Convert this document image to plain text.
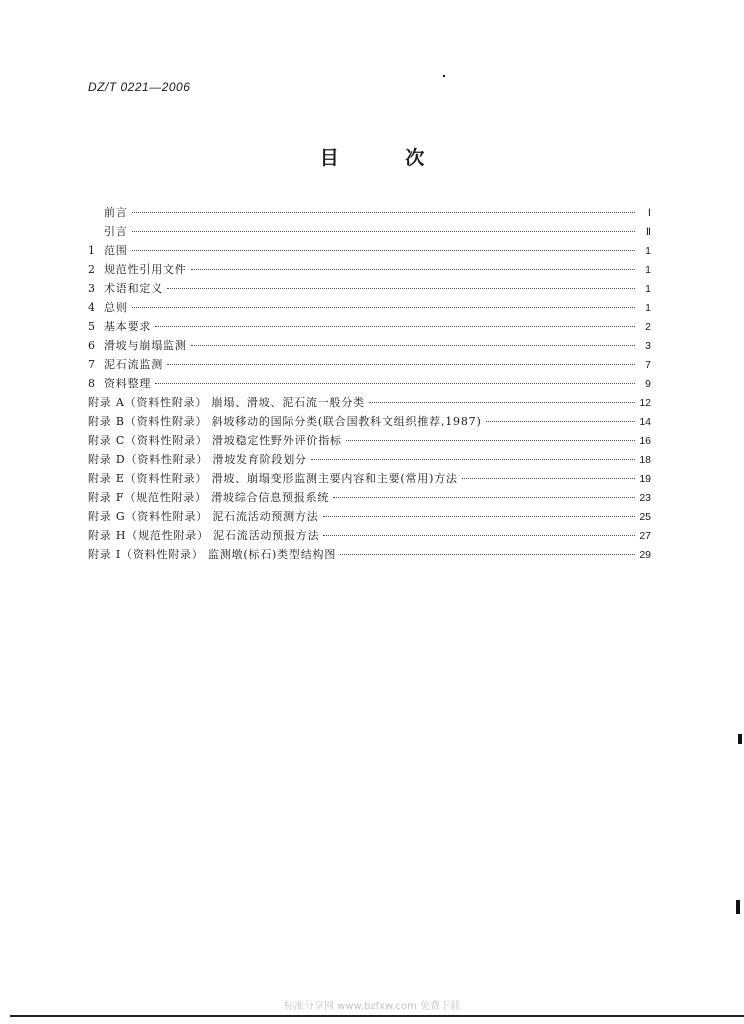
DZ/T 0221—2006
目 次
前言	Ⅰ
引言	Ⅱ
1 范围	1
2 规范性引用文件	1
3 术语和定义	1
4 总则	1
5 基本要求	2
6 滑坡与崩塌监测	3
7 泥石流监测	7
8 资料整理	9
附录 A（资料性附录） 崩塌、滑坡、泥石流一般分类	12
附录 B（资料性附录） 斜坡移动的国际分类(联合国教科文组织推荐,1987)	14
附录 C（资料性附录） 滑坡稳定性野外评价指标	16
附录 D（资料性附录） 滑坡发育阶段划分	18
附录 E（资料性附录） 滑坡、崩塌变形监测主要内容和主要(常用)方法	19
附录 F（规范性附录） 滑坡综合信息预报系统	23
附录 G（资料性附录） 泥石流活动预测方法	25
附录 H（规范性附录） 泥石流活动预报方法	27
附录 I（资料性附录） 监测墩(标石)类型结构图	29
标准分享网 www.bzfxw.com 免费下载
